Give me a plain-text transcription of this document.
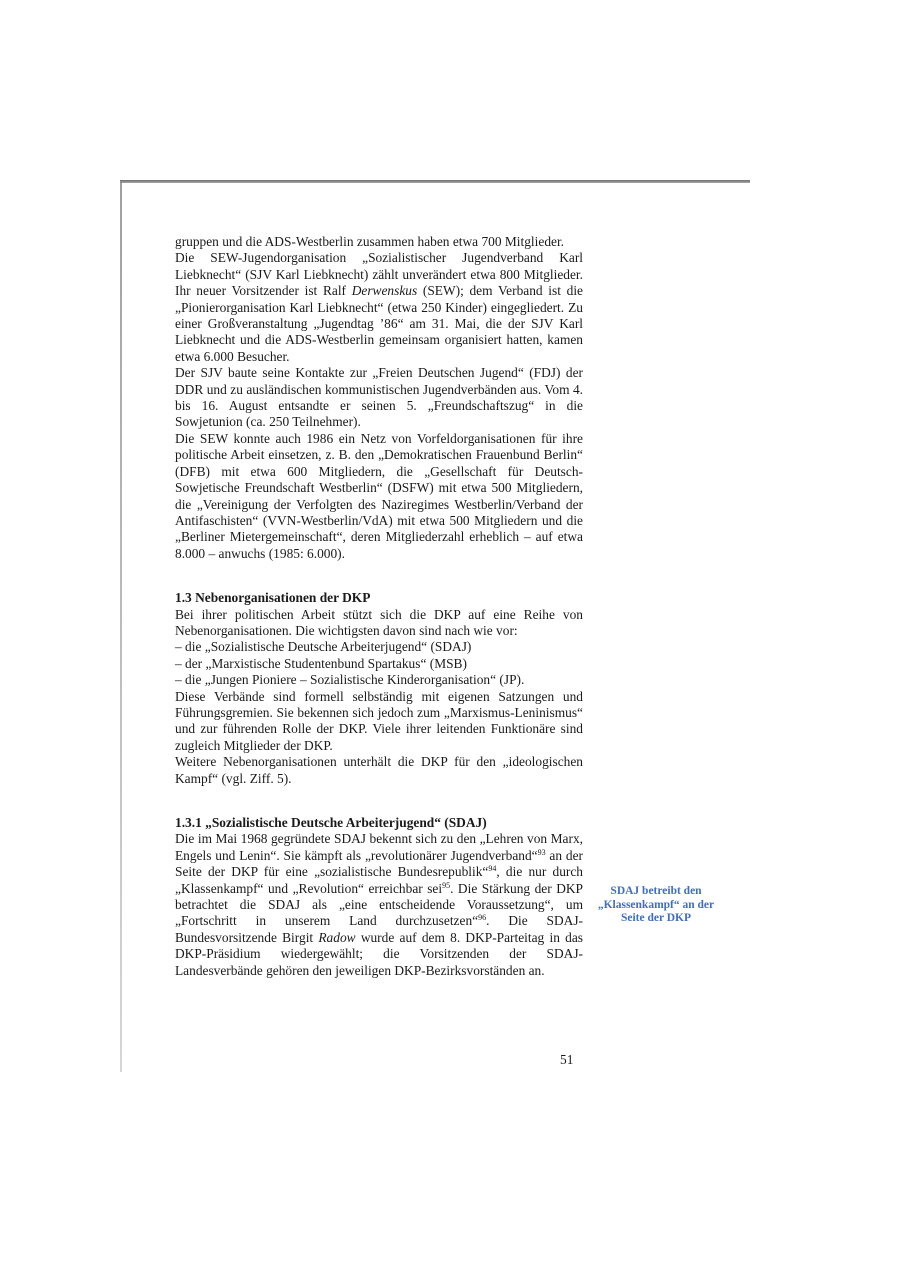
gruppen und die ADS-Westberlin zusammen haben etwa 700 Mitglieder.

Die SEW-Jugendorganisation „Sozialistischer Jugendverband Karl Liebknecht“ (SJV Karl Liebknecht) zählt unverändert etwa 800 Mitglieder. Ihr neuer Vorsitzender ist Ralf Derwenskus (SEW); dem Verband ist die „Pionierorganisation Karl Liebknecht“ (etwa 250 Kinder) eingegliedert. Zu einer Großveranstaltung „Jugendtag ’86“ am 31. Mai, die der SJV Karl Liebknecht und die ADS-Westberlin gemeinsam organisiert hatten, kamen etwa 6.000 Besucher.

Der SJV baute seine Kontakte zur „Freien Deutschen Jugend“ (FDJ) der DDR und zu ausländischen kommunistischen Jugendverbänden aus. Vom 4. bis 16. August entsandte er seinen 5. „Freundschaftszug“ in die Sowjetunion (ca. 250 Teilnehmer).

Die SEW konnte auch 1986 ein Netz von Vorfeldorganisationen für ihre politische Arbeit einsetzen, z. B. den „Demokratischen Frauenbund Berlin“ (DFB) mit etwa 600 Mitgliedern, die „Gesellschaft für Deutsch-Sowjetische Freundschaft Westberlin“ (DSFW) mit etwa 500 Mitgliedern, die „Vereinigung der Verfolgten des Naziregimes Westberlin/Verband der Antifaschisten“ (VVN-Westberlin/VdA) mit etwa 500 Mitgliedern und die „Berliner Mietergemeinschaft“, deren Mitgliederzahl erheblich – auf etwa 8.000 – anwuchs (1985: 6.000).

1.3 Nebenorganisationen der DKP

Bei ihrer politischen Arbeit stützt sich die DKP auf eine Reihe von Nebenorganisationen. Die wichtigsten davon sind nach wie vor:

– die „Sozialistische Deutsche Arbeiterjugend“ (SDAJ)

– der „Marxistische Studentenbund Spartakus“ (MSB)

– die „Jungen Pioniere – Sozialistische Kinderorganisation“ (JP).

Diese Verbände sind formell selbständig mit eigenen Satzungen und Führungsgremien. Sie bekennen sich jedoch zum „Marxismus-Leninismus“ und zur führenden Rolle der DKP. Viele ihrer leitenden Funktionäre sind zugleich Mitglieder der DKP.

Weitere Nebenorganisationen unterhält die DKP für den „ideologischen Kampf“ (vgl. Ziff. 5).

1.3.1 „Sozialistische Deutsche Arbeiterjugend“ (SDAJ)

Die im Mai 1968 gegründete SDAJ bekennt sich zu den „Lehren von Marx, Engels und Lenin“. Sie kämpft als „revolutionärer Jugendverband“$^{93}$ an der Seite der DKP für eine „sozialistische Bundesrepublik“$^{94}$, die nur durch „Klassenkampf“ und „Revolution“ erreichbar sei$^{95}$. Die Stärkung der DKP betrachtet die SDAJ als „eine entscheidende Voraussetzung“, um „Fortschritt in unserem Land durchzusetzen“$^{96}$. Die SDAJ-Bundesvorsitzende Birgit Radow wurde auf dem 8. DKP-Parteitag in das DKP-Präsidium wiedergewählt; die Vorsitzenden der SDAJ-Landesverbände gehören den jeweiligen DKP-Bezirksvorständen an.

SDAJ betreibt den „Klassenkampf“ an der Seite der DKP
51
